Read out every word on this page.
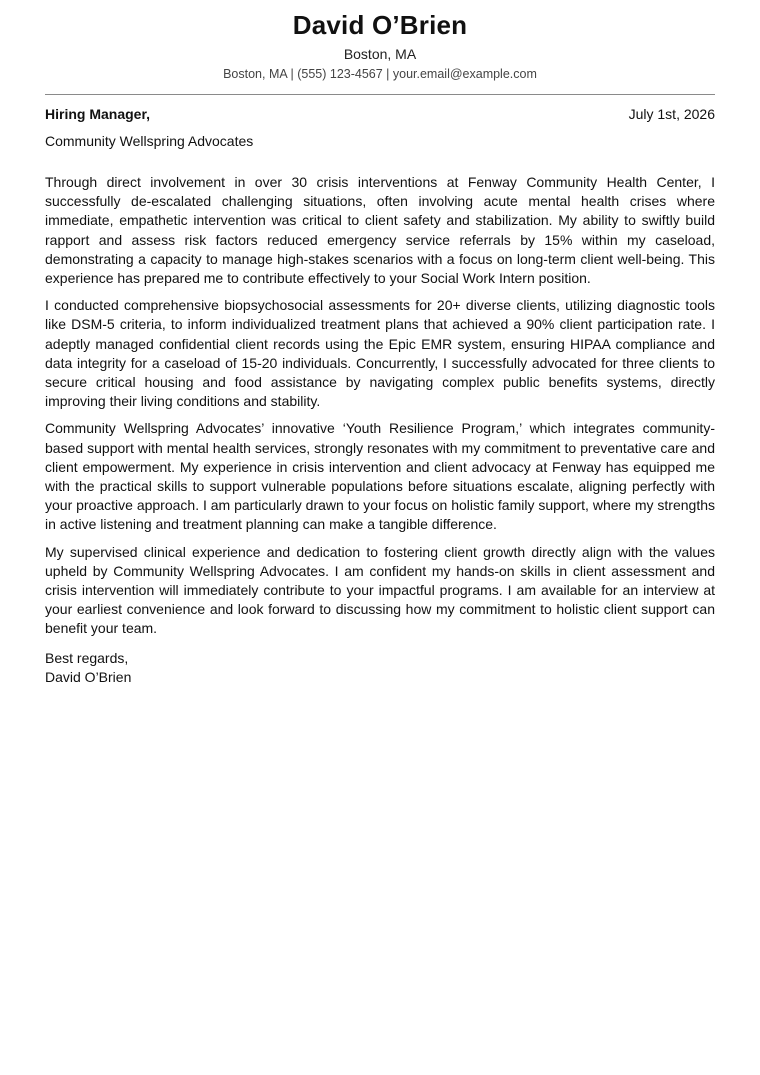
David O’Brien
Boston, MA
Boston, MA | (555) 123-4567 | your.email@example.com
Hiring Manager,	July 1st, 2026
Community Wellspring Advocates

Through direct involvement in over 30 crisis interventions at Fenway Community Health Center, I successfully de-escalated challenging situations, often involving acute mental health crises where immediate, empathetic intervention was critical to client safety and stabilization. My ability to swiftly build rapport and assess risk factors reduced emergency service referrals by 15% within my caseload, demonstrating a capacity to manage high-stakes scenarios with a focus on long-term client well-being. This experience has prepared me to contribute effectively to your Social Work Intern position.

I conducted comprehensive biopsychosocial assessments for 20+ diverse clients, utilizing diagnostic tools like DSM-5 criteria, to inform individualized treatment plans that achieved a 90% client participation rate. I adeptly managed confidential client records using the Epic EMR system, ensuring HIPAA compliance and data integrity for a caseload of 15-20 individuals. Concurrently, I successfully advocated for three clients to secure critical housing and food assistance by navigating complex public benefits systems, directly improving their living conditions and stability.

Community Wellspring Advocates’ innovative ‘Youth Resilience Program,’ which integrates community-based support with mental health services, strongly resonates with my commitment to preventative care and client empowerment. My experience in crisis intervention and client advocacy at Fenway has equipped me with the practical skills to support vulnerable populations before situations escalate, aligning perfectly with your proactive approach. I am particularly drawn to your focus on holistic family support, where my strengths in active listening and treatment planning can make a tangible difference.

My supervised clinical experience and dedication to fostering client growth directly align with the values upheld by Community Wellspring Advocates. I am confident my hands-on skills in client assessment and crisis intervention will immediately contribute to your impactful programs. I am available for an interview at your earliest convenience and look forward to discussing how my commitment to holistic client support can benefit your team.

Best regards,
David O’Brien
